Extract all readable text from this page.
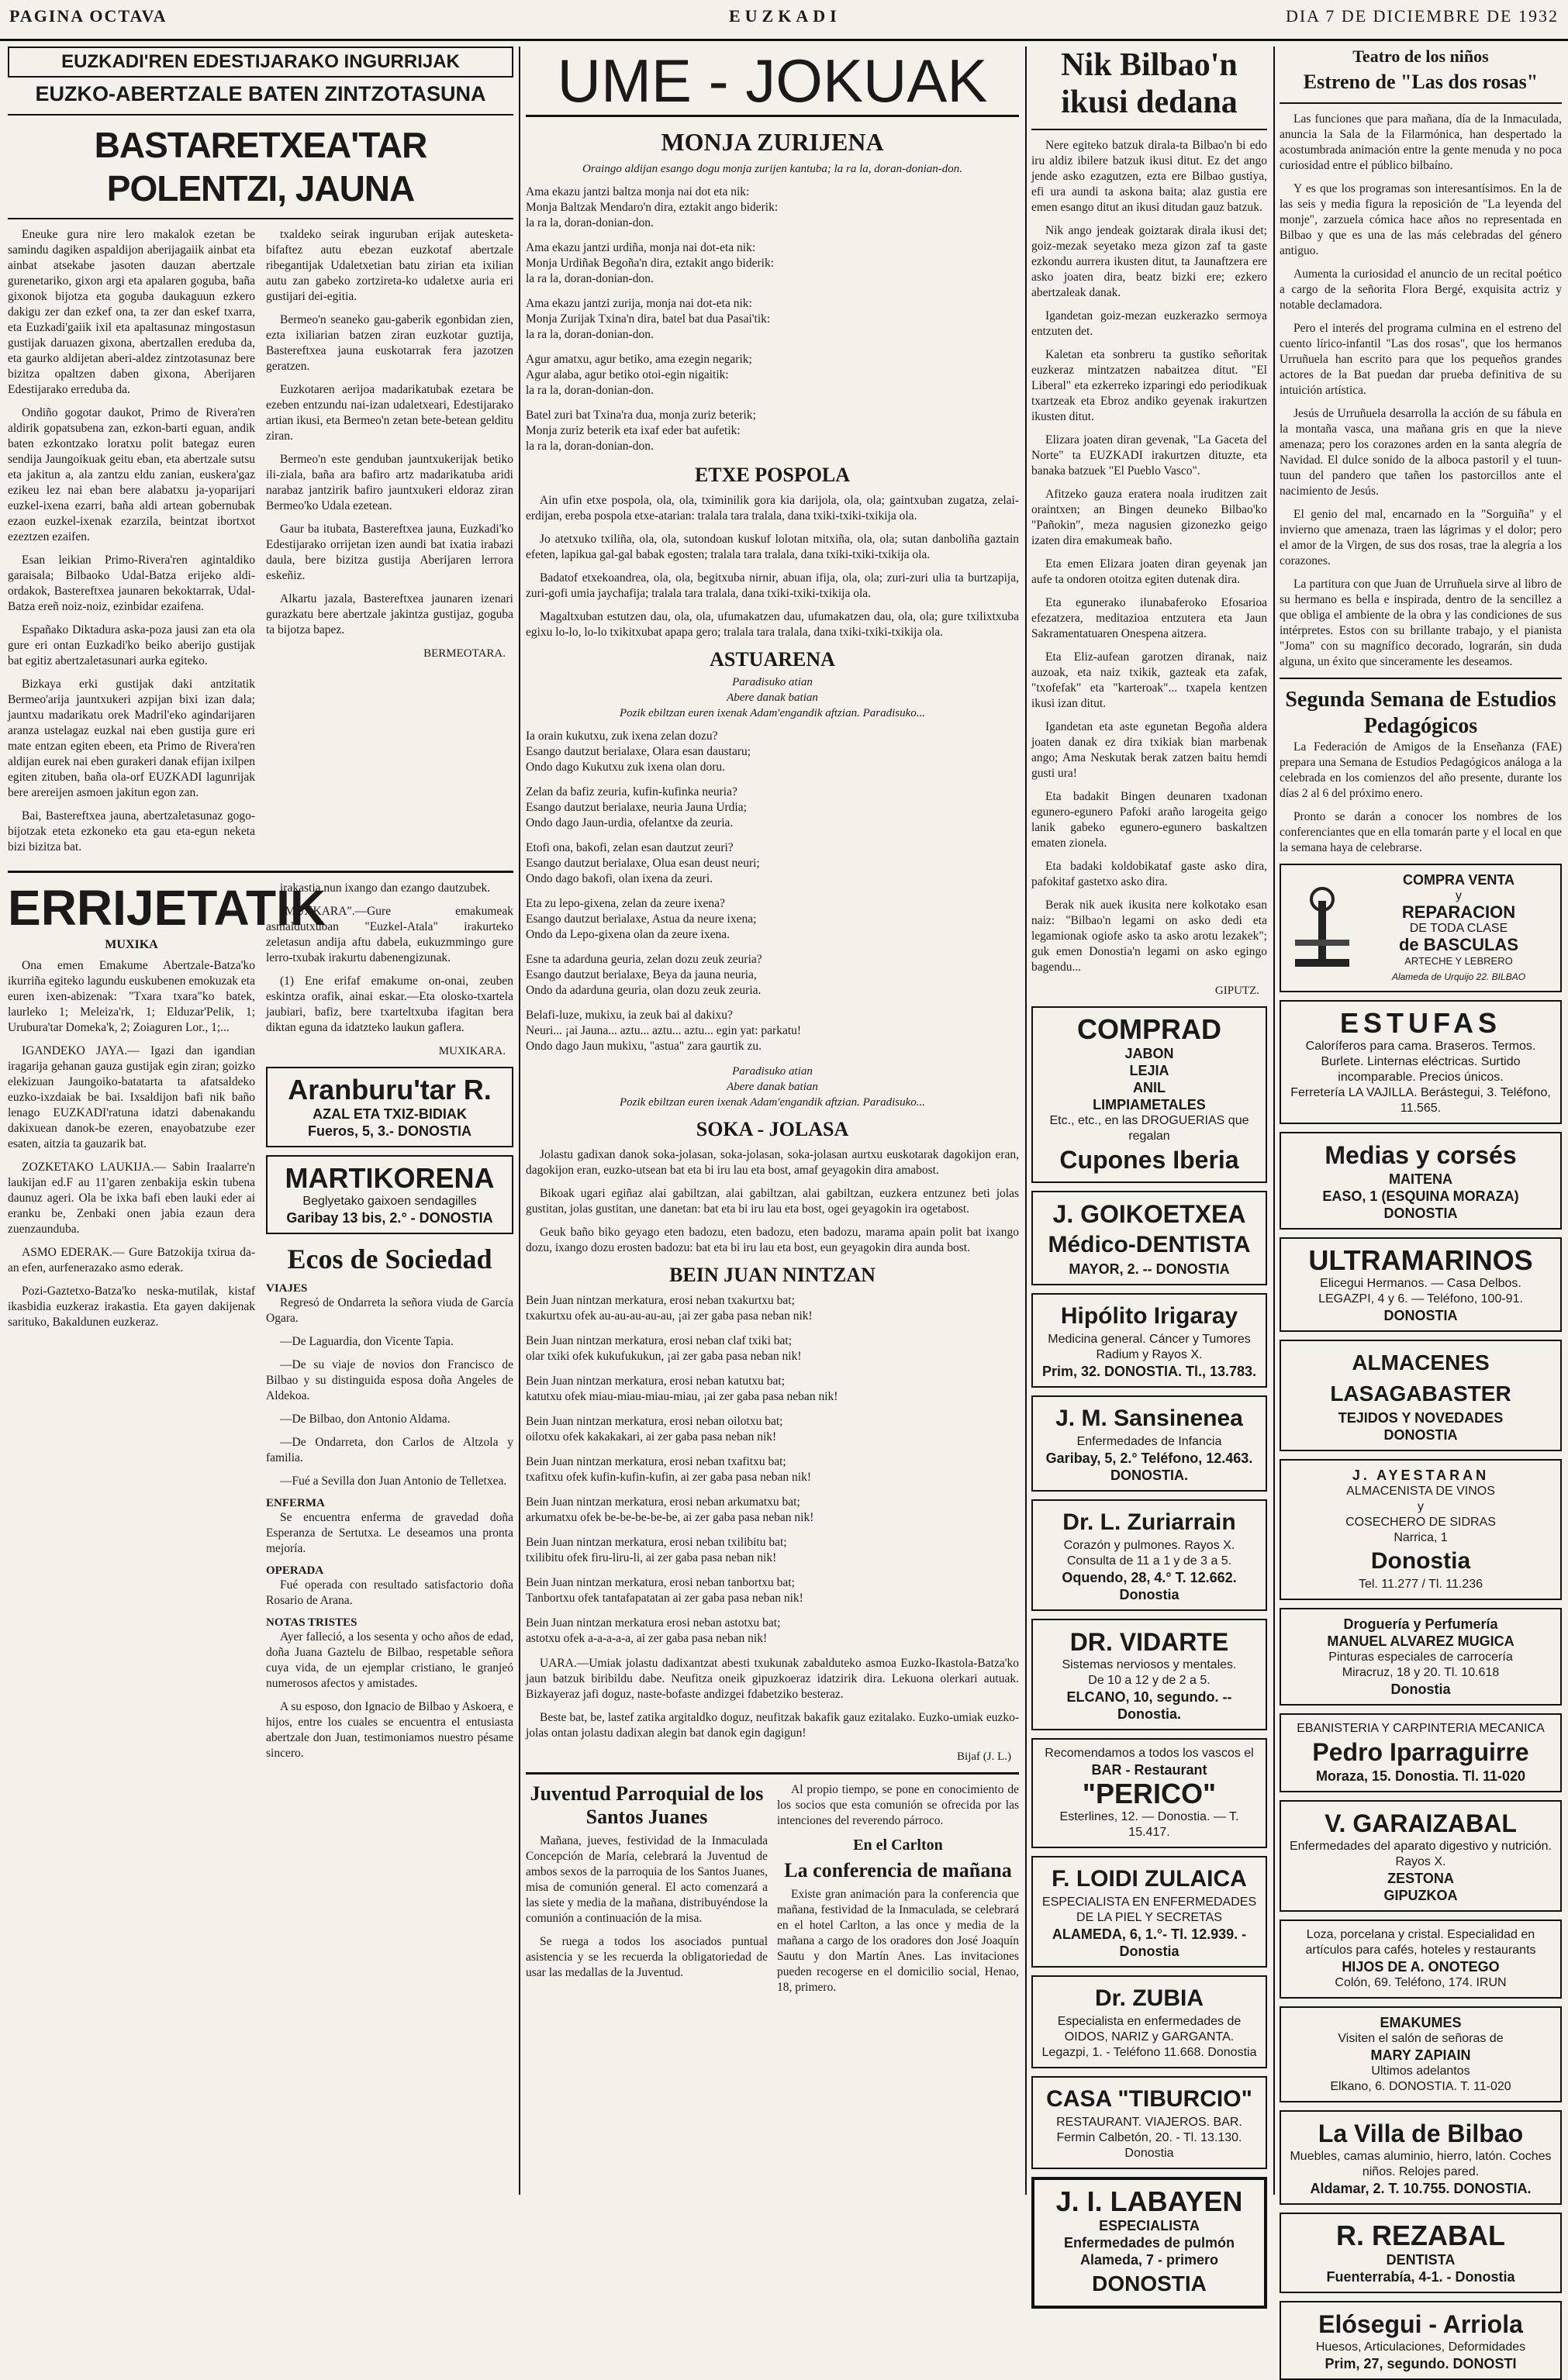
PAGINA OCTAVA	EUZKADI	DIA 7 DE DICIEMBRE DE 1932
EUZKADI'REN EDESTIJARAKO INGURRIJAK
EUZKO-ABERTZALE BATEN ZINTZOTASUNA
BASTARETXEA'TAR POLENTZI, JAUNA

Eneuke gura nire lero makalok ezetan be samindu dagiken aspaldijon aberijagaiik ainbat eta ainbat atsekabe jasoten dauzan abertzale gurenetariko, gixon argi eta apalaren goguba, baña gixonok bijotza eta goguba daukaguun ezkero dakigu zer dan ezkef ona, ta zer dan eskef txarra, eta Euzkadi'gaiik ixil eta apaltasunaz mingostasun gustijak daruazen gixona, abertzallen ereduba da, eta gaurko aldijetan aberi-aldez zintzotasunaz bere bizitza opaltzen daben gixona, Aberijaren Edestijarako erreduba da.

Ondiño gogotar daukot, Primo de Rivera'ren aldirik gopatsubena zan, ezkon-barti eguan, andik baten ezkontzako loratxu polit bategaz euren sendija Jaungoikuak geitu eban, eta abertzale sutsu eta jakitun a, ala zantzu eldu zanian, euskera'gaz ezikeu lez nai eban bere alabatxu ja-yoparijari euzkel-ixena ezarri, baña aldi artean gobernubak ezaon euzkel-ixenak ezarzila, beintzat ibortxot ezeztzen ezaifen.

Esan leikian Primo-Rivera'ren agintaldiko garaisala; Bilbaoko Udal-Batza erijeko aldi-ordakok, Bastereftxea jaunaren bekoktarrak, Udal-Batza ereñ noiz-noiz, ezinbidar ezaifena.

Españako Diktadura aska-poza jausi zan eta ola gure eri ontan Euzkadi'ko beiko aberijo gustijak bat egitiz abertzaletasunari aurka egiteko.

Bizkaya erki gustijak daki antzitatik Bermeo'arija jauntxukeri azpijan bixi izan dala; jauntxu madarikatu orek Madril'eko agindarijaren aranza ustelagaz euzkal nai eben gustija gure eri mate entzan egiten ebeen, eta Primo de Rivera'ren aldijan eurek nai eben gurakeri danak efijan ixilpen egiten zituben, baña ola-orf EUZKADI lagunrijak bere arereijen asmoen jakitun egon zan.

Bai, Bastereftxea jauna, abertzaletasunaz gogo-bijotzak eteta ezkoneko eta gau eta-egun neketa bizi bizitza bat.

txaldeko seirak inguruban erijak autesketa-bifaftez autu ebezan euzkotaf abertzale ribegantijak Udaletxetian batu zirian eta ixilian autu zan gabeko zortzireta-ko udaletxe auria eri gustijari dei-egitia.

Bermeo'n seaneko gau-gaberik egonbidan zien, ezta ixiliarian batzen ziran euzkotar guztija, Bastereftxea jauna euskotarrak fera jazotzen geratzen.

Euzkotaren aerijoa madarikatubak ezetara be ezeben entzundu nai-izan udaletxeari, Edestijarako artian ikusi, eta Bermeo'n zetan bete-betean gelditu ziran.

Bermeo'n este genduban jauntxukerijak betiko ili-ziala, baña ara bafiro artz madarikatuba aridi narabaz jantzirik bafiro jauntxukeri eldoraz ziran Bermeo'ko Udala ezetean.

Gaur ba itubata, Bastereftxea jauna, Euzkadi'ko Edestijarako orrijetan izen aundi bat ixatia irabazi daula, bere bizitza gustija Aberijaren lerrora eskeñiz.

Alkartu jazala, Bastereftxea jaunaren izenari gurazkatu bere abertzale jakintza gustijaz, goguba ta bijotza bapez.

BERMEOTARA.

ERRIJETATIK
MUXIKA

Ona emen Emakume Abertzale-Batza'ko ikurriña egiteko lagundu euskubenen emokuzak eta euren ixen-abizenak: "Txara txara"ko batek, laurleko 1; Meleiza'rk, 1; Elduzar'Pelik, 1; Urubura'tar Domeka'k, 2; Zoiaguren Lor., 1;...

IGANDEKO JAYA.— Igazi dan igandian iragarija gehanan gauza gustijak egin ziran; goizko elekizuan Jaungoiko-batatarta ta afatsaldeko euzko-ixzdaiak be bai. Ixsaldijon bafi nik baño lenago EUZKADI'ratuna idatzi dabenakandu dakixuean danok-be ezeren, enayobatzube ezer esaten, aitzia ta gauzarik bat.

ZOZKETAKO LAUKIJA.— Sabin Iraalarre'n laukijan ed.F au 11'garen zenbakija eskin tubena daunuz ageri. Ola be ixka bafi eben lauki eder ai eranku be, Zenbaki onen jabia ezaun dera zuenzaunduba.

ASMO EDERAK.— Gure Batzokija txirua da-an efen, aurfenerazako asmo ederak.

Pozi-Gaztetxo-Batza'ko neska-mutilak, kistaf ikasbidia euzkeraz irakastia. Eta gayen dakijenak sarituko, Bakaldunen euzkeraz.

irakastia nun ixango dan ezango dautzubek.

"MUXKARA".—Gure emakumeak asmaldutxuban "Euzkel-Atala" irakurteko zeletasun andija aftu dabela, eukuzmmingo gure lerro-txubak irakurtu dabenengizunak.

(1) Ene erifaf emakume on-onai, zeuben eskintza orafik, ainai eskar.—Eta olosko-txartela jaubiari, bafiz, bere txarteltxuba ifagitan bera diktan eguna da idatzteko laukun gaflera.

MUXIKARA.

Aranburu'tar R.
AZAL ETA TXIZ-BIDIAK
Fueros, 5, 3.- DONOSTIA
MARTIKORENA
Beglyetako gaixoen sendagilles
Garibay 13 bis, 2.° - DONOSTIA
Ecos de Sociedad
VIAJES

Regresó de Ondarreta la señora viuda de García Ogara.

—De Laguardia, don Vicente Tapia.

—De su viaje de novios don Francisco de Bilbao y su distinguida esposa doña Angeles de Aldekoa.

—De Bilbao, don Antonio Aldama.

—De Ondarreta, don Carlos de Altzola y familia.

—Fué a Sevilla don Juan Antonio de Telletxea.

ENFERMA

Se encuentra enferma de gravedad doña Esperanza de Sertutxa. Le deseamos una pronta mejoría.

OPERADA

Fué operada con resultado satisfactorio doña Rosario de Arana.

NOTAS TRISTES

Ayer falleció, a los sesenta y ocho años de edad, doña Juana Gaztelu de Bilbao, respetable señora cuya vida, de un ejemplar cristiano, le granjeó numerosos afectos y amistades.

A su esposo, don Ignacio de Bilbao y Askoera, e hijos, entre los cuales se encuentra el entusiasta abertzale don Juan, testimoniamos nuestro pésame sincero.

UME - JOKUAK
MONJA ZURIJENA

Oraingo aldijan esango dogu monja zurijen kantuba; la ra la, doran-donian-don.

Ama ekazu jantzi baltza monja nai dot eta nik:

Monja Baltzak Mendaro'n dira, eztakit ango biderik:

la ra la, doran-donian-don.

Ama ekazu jantzi urdiña, monja nai dot-eta nik:

Monja Urdiñak Begoña'n dira, eztakit ango biderik:

la ra la, doran-donian-don.

Ama ekazu jantzi zurija, monja nai dot-eta nik:

Monja Zurijak Txina'n dira, batel bat dua Pasai'tik:

la ra la, doran-donian-don.

Agur amatxu, agur betiko, ama ezegin negarik;

Agur alaba, agur betiko otoi-egin nigaitik:

la ra la, doran-donian-don.

Batel zuri bat Txina'ra dua, monja zuriz beterik;

Monja zuriz beterik eta ixaf eder bat aufetik:

la ra la, doran-donian-don.

ETXE POSPOLA

Ain ufin etxe pospola, ola, ola, tximinilik gora kia darijola, ola, ola; gaintxuban zugatza, zelai-erdijan, ereba pospola etxe-atarian: tralala tara tralala, dana txiki-txiki-txikija ola.

Jo atetxuko txiliña, ola, ola, sutondoan kuskuf lolotan mitxiña, ola, ola; sutan danboliña gaztain efeten, lapikua gal-gal babak egosten; tralala tara tralala, dana txiki-txiki-txikija ola.

Badatof etxekoandrea, ola, ola, begitxuba nirnir, abuan ifija, ola, ola; zuri-zuri ulia ta burtzapija, zuri-gofi umia jaychafija; tralala tara tralala, dana txiki-txiki-txikija ola.

Magaltxuban estutzen dau, ola, ola, ufumakatzen dau, ufumakatzen dau, ola, ola; gure txilixtxuba egixu lo-lo, lo-lo txikitxubat apapa gero; tralala tara tralala, dana txiki-txiki-txikija ola.

ASTUARENA

Paradisuko atian

Abere danak batian

Pozik ebiltzan euren ixenak Adam'engandik aftzian. Paradisuko...

Ia orain kukutxu, zuk ixena zelan dozu?

Esango dautzut berialaxe, Olara esan daustaru;

Ondo dago Kukutxu zuk ixena olan doru.

Zelan da bafiz zeuria, kufin-kufinka neuria?

Esango dautzut berialaxe, neuria Jauna Urdia;

Ondo dago Jaun-urdia, ofelantxe da zeuria.

Etofi ona, bakofi, zelan esan dautzut zeuri?

Esango dautzut berialaxe, Olua esan deust neuri;

Ondo dago bakofi, olan ixena da zeuri.

Eta zu lepo-gixena, zelan da zeure ixena?

Esango dautzut berialaxe, Astua da neure ixena;

Ondo da Lepo-gixena olan da zeure ixena.

Esne ta adarduna geuria, zelan dozu zeuk zeuria?

Esango dautzut berialaxe, Beya da jauna neuria,

Ondo da adarduna geuria, olan dozu zeuk zeuria.

Belafi-luze, mukixu, ia zeuk bai al dakixu?

Neuri... ¡ai Jauna... aztu... aztu... aztu... egin yat: parkatu!

Ondo dago Jaun mukixu, "astua" zara gaurtik zu.

Paradisuko atian

Abere danak batian

Pozik ebiltzan euren ixenak Adam'engandik aftzian. Paradisuko...

SOKA - JOLASA

Jolastu gadixan danok soka-jolasan, soka-jolasan, soka-jolasan aurtxu euskotarak dagokijon eran, dagokijon eran, euzko-utsean bat eta bi iru lau eta bost, amaf geyagokin dira amabost.

Bikoak ugari egiñaz alai gabiltzan, alai gabiltzan, alai gabiltzan, euzkera entzunez beti jolas gustitan, jolas gustitan, une danetan: bat eta bi iru lau eta bost, ogei geyagokin ira ogetabost.

Geuk baño biko geyago eten badozu, eten badozu, eten badozu, marama apain polit bat ixango dozu, ixango dozu erosten badozu: bat eta bi iru lau eta bost, eun geyagokin dira aunda bost.

BEIN JUAN NINTZAN

Bein Juan nintzan merkatura, erosi neban txakurtxu bat;

txakurtxu ofek au-au-au-au-au, ¡ai zer gaba pasa neban nik!

Bein Juan nintzan merkatura, erosi neban claf txiki bat;

olar txiki ofek kukufukukun, ¡ai zer gaba pasa neban nik!

Bein Juan nintzan merkatura, erosi neban katutxu bat;

katutxu ofek miau-miau-miau-miau, ¡ai zer gaba pasa neban nik!

Bein Juan nintzan merkatura, erosi neban oilotxu bat;

oilotxu ofek kakakakari, ai zer gaba pasa neban nik!

Bein Juan nintzan merkatura, erosi neban txafitxu bat;

txafitxu ofek kufin-kufin-kufin, ai zer gaba pasa neban nik!

Bein Juan nintzan merkatura, erosi neban arkumatxu bat;

arkumatxu ofek be-be-be-be-be, ai zer gaba pasa neban nik!

Bein Juan nintzan merkatura, erosi neban txilibitu bat;

txilibitu ofek firu-liru-li, ai zer gaba pasa neban nik!

Bein Juan nintzan merkatura, erosi neban tanbortxu bat;

Tanbortxu ofek tantafapatatan ai zer gaba pasa neban nik!

Bein Juan nintzan merkatura erosi neban astotxu bat;

astotxu ofek a-a-a-a-a, ai zer gaba pasa neban nik!

UARA.—Umiak jolastu dadixantzat abesti txukunak zabalduteko asmoa Euzko-Ikastola-Batza'ko jaun batzuk biribildu dabe. Neufitza oneik gipuzkoeraz idatzirik dira. Lekuona olerkari autuak. Bizkayeraz jafi doguz, naste-bofaste andizgei fdabetziko besteraz.

Beste bat, be, lastef zatika argitaldko doguz, neufitzak bakafik gauz ezitalako. Euzko-umiak euzko-jolas ontan jolastu dadixan alegin bat danok egin dagigun!

Bijaf (J. L.)

Juventud Parroquial de los Santos Juanes

Mañana, jueves, festividad de la Inmaculada Concepción de María, celebrará la Juventud de ambos sexos de la parroquia de los Santos Juanes, misa de comunión general. El acto comenzará a las siete y media de la mañana, distribuyéndose la comunión a continuación de la misa.

Se ruega a todos los asociados puntual asistencia y se les recuerda la obligatoriedad de usar las medallas de la Juventud.

Al propio tiempo, se pone en conocimiento de los socios que esta comunión se ofrecida por las intenciones del reverendo párroco.

En el Carlton
La conferencia de mañana

Existe gran animación para la conferencia que mañana, festividad de la Inmaculada, se celebrará en el hotel Carlton, a las once y media de la mañana a cargo de los oradores don José Joaquín Sautu y don Martín Anes. Las invitaciones pueden recogerse en el domicilio social, Henao, 18, primero.

Nik Bilbao'n ikusi dedana

Nere egiteko batzuk dirala-ta Bilbao'n bi edo iru aldiz ibilere batzuk ikusi ditut. Ez det ango jende asko ezagutzen, ezta ere Bilbao gustiya, efi ura aundi ta askona baita; alaz gustia ere emen esango ditut an ikusi ditudan gauz batzuk.

Nik ango jendeak goiztarak dirala ikusi det; goiz-mezak seyetako meza gizon zaf ta gaste ezkondu aurrera ikusten ditut, ta Jaunaftzera ere asko joaten dira, beatz bizki ere; ezkero abertzaleak danak.

Igandetan goiz-mezan euzkerazko sermoya entzuten det.

Kaletan eta sonbreru ta gustiko señoritak euzkeraz mintzatzen nabaitzea ditut. "El Liberal" eta ezkerreko izparingi edo periodikuak txartzeak eta Ebroz andiko geyenak irakurtzen ikusten ditut.

Elizara joaten diran gevenak, "La Gaceta del Norte" ta EUZKADI irakurtzen dituzte, eta banaka batzuek "El Pueblo Vasco".

Afitzeko gauza eratera noala iruditzen zait oraintxen; an Bingen deuneko Bilbao'ko "Pañokin", meza nagusien gizonezko geigo izaten dira emakumeak baño.

Eta emen Elizara joaten diran geyenak jan aufe ta ondoren otoitza egiten dutenak dira.

Eta egunerako ilunabaferoko Efosarioa efezatzera, meditazioa entzutera eta Jaun Sakramentatuaren Onespena aitzera.

Eta Eliz-aufean garotzen diranak, naiz auzoak, eta naiz txikik, gazteak eta zafak, "txofefak" eta "karteroak"... txapela kentzen ikusi izan ditut.

Igandetan eta aste egunetan Begoña aldera joaten danak ez dira txikiak bian marbenak ango; Ama Neskutak berak zatzen baitu hemdi gusti ura!

Eta badakit Bingen deunaren txadonan egunero-egunero Pafoki araño larogeita geigo lanik gabeko egunero-egunero baskaltzen ematen zionela.

Eta badaki koldobikataf gaste asko dira, pafokitaf gastetxo asko dira.

Berak nik auek ikusita nere kolkotako esan naiz: "Bilbao'n legami on asko dedi eta legamionak ogiofe asko ta asko arotu lezakek"; guk emen Donostia'n legami on asko egingo bagendu...

GIPUTZ.

COMPRAD
JABON
LEJIA
ANIL
LIMPIAMETALES
Etc., etc., en las DROGUERIAS que regalan
Cupones Iberia
J. GOIKOETXEA
Médico-DENTISTA
MAYOR, 2. -- DONOSTIA
Hipólito Irigaray
Medicina general. Cáncer y Tumores Radium y Rayos X.
Prim, 32. DONOSTIA. Tl., 13.783.
J. M. Sansinenea
Enfermedades de Infancia
Garibay, 5, 2.° Teléfono, 12.463. DONOSTIA.
Dr. L. Zuriarrain
Corazón y pulmones. Rayos X.
Consulta de 11 a 1 y de 3 a 5.
Oquendo, 28, 4.° T. 12.662. Donostia
DR. VIDARTE
Sistemas nerviosos y mentales.
De 10 a 12 y de 2 a 5.
ELCANO, 10, segundo. -- Donostia.
Recomendamos a todos los vascos el
BAR - Restaurant
"PERICO"
Esterlines, 12. — Donostia. — T. 15.417.
F. LOIDI ZULAICA
ESPECIALISTA EN ENFERMEDADES DE LA PIEL Y SECRETAS
ALAMEDA, 6, 1.°- Tl. 12.939. - Donostia
Dr. ZUBIA
Especialista en enfermedades de OIDOS, NARIZ y GARGANTA.
Legazpi, 1. - Teléfono 11.668. Donostia
CASA "TIBURCIO"
RESTAURANT. VIAJEROS. BAR.
Fermin Calbetón, 20. - Tl. 13.130. Donostia
J. I. LABAYEN
ESPECIALISTA
Enfermedades de pulmón
Alameda, 7 - primero
DONOSTIA
Teatro de los niños
Estreno de "Las dos rosas"

Las funciones que para mañana, día de la Inmaculada, anuncia la Sala de la Filarmónica, han despertado la acostumbrada animación entre la gente menuda y no poca curiosidad entre el público bilbaíno.

Y es que los programas son interesantísimos. En la de las seis y media figura la reposición de "La leyenda del monje", zarzuela cómica hace años no representada en Bilbao y que es una de las más celebradas del género antiguo.

Aumenta la curiosidad el anuncio de un recital poético a cargo de la señorita Flora Bergé, exquisita actriz y notable declamadora.

Pero el interés del programa culmina en el estreno del cuento lírico-infantil "Las dos rosas", que los hermanos Urruñuela han escrito para que los pequeños grandes actores de la Bat puedan dar prueba definitiva de su intuición artística.

Jesús de Urruñuela desarrolla la acción de su fábula en la montaña vasca, una mañana gris en que la nieve amenaza; pero los corazones arden en la santa alegría de Navidad. El dulce sonido de la alboca pastoril y el tuun-tuun del pandero que tañen los pastorcillos ante el nacimiento de Jesús.

El genio del mal, encarnado en la "Sorguiña" y el invierno que amenaza, traen las lágrimas y el dolor; pero el amor de la Virgen, de sus dos rosas, trae la alegría a los corazones.

La partitura con que Juan de Urruñuela sirve al libro de su hermano es bella e inspirada, dentro de la sencillez a que obliga el ambiente de la obra y las condiciones de sus intérpretes. Estos con su brillante trabajo, y el pianista "Joma" con su magnífico decorado, lograrán, sin duda alguna, un éxito que sinceramente les deseamos.

Segunda Semana de Estudios Pedagógicos

La Federación de Amigos de la Enseñanza (FAE) prepara una Semana de Estudios Pedagógicos análoga a la celebrada en los comienzos del año presente, durante los días 2 al 6 del próximo enero.

Pronto se darán a conocer los nombres de los conferenciantes que en ella tomarán parte y el local en que la semana haya de celebrarse.

COMPRA VENTA
y
REPARACION
DE TODA CLASE
de BASCULAS
ARTECHE Y LEBRERO
Alameda de Urquijo 22. BILBAO
ESTUFAS
Caloríferos para cama. Braseros. Termos. Burlete. Linternas eléctricas. Surtido incomparable. Precios únicos.
Ferretería LA VAJILLA. Berástegui, 3. Teléfono, 11.565.
Medias y corsés
MAITENA
EASO, 1 (ESQUINA MORAZA)
DONOSTIA
ULTRAMARINOS
Elicegui Hermanos. — Casa Delbos.
LEGAZPI, 4 y 6. — Teléfono, 100-91.
DONOSTIA
ALMACENES LASAGABASTER
TEJIDOS Y NOVEDADES
DONOSTIA
J. AYESTARAN
ALMACENISTA DE VINOS
y
COSECHERO DE SIDRAS
Narrica, 1
Donostia
Tel. 11.277 / Tl. 11.236
Droguería y Perfumería
MANUEL ALVAREZ MUGICA
Pinturas especiales de carrocería
Miracruz, 18 y 20. Tl. 10.618
Donostia
EBANISTERIA Y CARPINTERIA MECANICA
Pedro Iparraguirre
Moraza, 15. Donostia. Tl. 11-020
V. GARAIZABAL
Enfermedades del aparato digestivo y nutrición. Rayos X.
ZESTONA
GIPUZKOA
Loza, porcelana y cristal. Especialidad en artículos para cafés, hoteles y restaurants
HIJOS DE A. ONOTEGO
Colón, 69. Teléfono, 174. IRUN
EMAKUMES
Visiten el salón de señoras de
MARY ZAPIAIN
Ultimos adelantos
Elkano, 6. DONOSTIA. T. 11-020
La Villa de Bilbao
Muebles, camas aluminio, hierro, latón. Coches niños. Relojes pared.
Aldamar, 2. T. 10.755. DONOSTIA.
R. REZABAL
DENTISTA
Fuenterrabía, 4-1. - Donostia
Elósegui - Arriola
Huesos, Articulaciones, Deformidades
Prim, 27, segundo. DONOSTI
